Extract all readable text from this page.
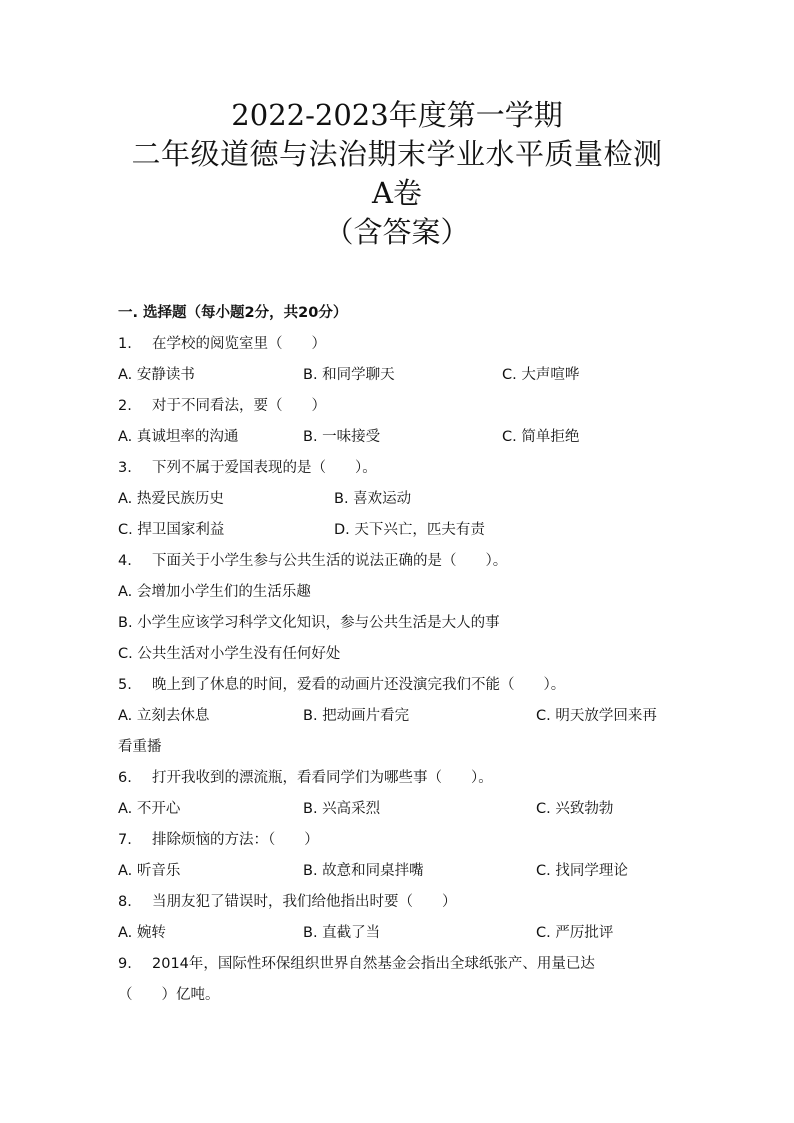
2022-2023年度第一学期
二年级道德与法治期末学业水平质量检测
A卷
（含答案）
一. 选择题（每小题2分，共20分）
1. 在学校的阅览室里（　　）
A. 安静读书	B. 和同学聊天	C. 大声喧哗
2. 对于不同看法，要（　　）
A. 真诚坦率的沟通	B. 一味接受	C. 简单拒绝
3. 下列不属于爱国表现的是（　　）。
A. 热爱民族历史	B. 喜欢运动
C. 捍卫国家利益	D. 天下兴亡，匹夫有责
4. 下面关于小学生参与公共生活的说法正确的是（　　）。
A. 会增加小学生们的生活乐趣
B. 小学生应该学习科学文化知识，参与公共生活是大人的事
C. 公共生活对小学生没有任何好处
5. 晚上到了休息的时间，爱看的动画片还没演完我们不能（　　）。
A. 立刻去休息	B. 把动画片看完	C. 明天放学回来再
看重播
6. 打开我收到的漂流瓶，看看同学们为哪些事（　　）。
A. 不开心	B. 兴高采烈	C. 兴致勃勃
7. 排除烦恼的方法：（　　）
A. 听音乐	B. 故意和同桌拌嘴	C. 找同学理论
8. 当朋友犯了错误时，我们给他指出时要（　　）
A. 婉转	B. 直截了当	C. 严厉批评
9. 2014年，国际性环保组织世界自然基金会指出全球纸张产、用量已达
（　　）亿吨。
